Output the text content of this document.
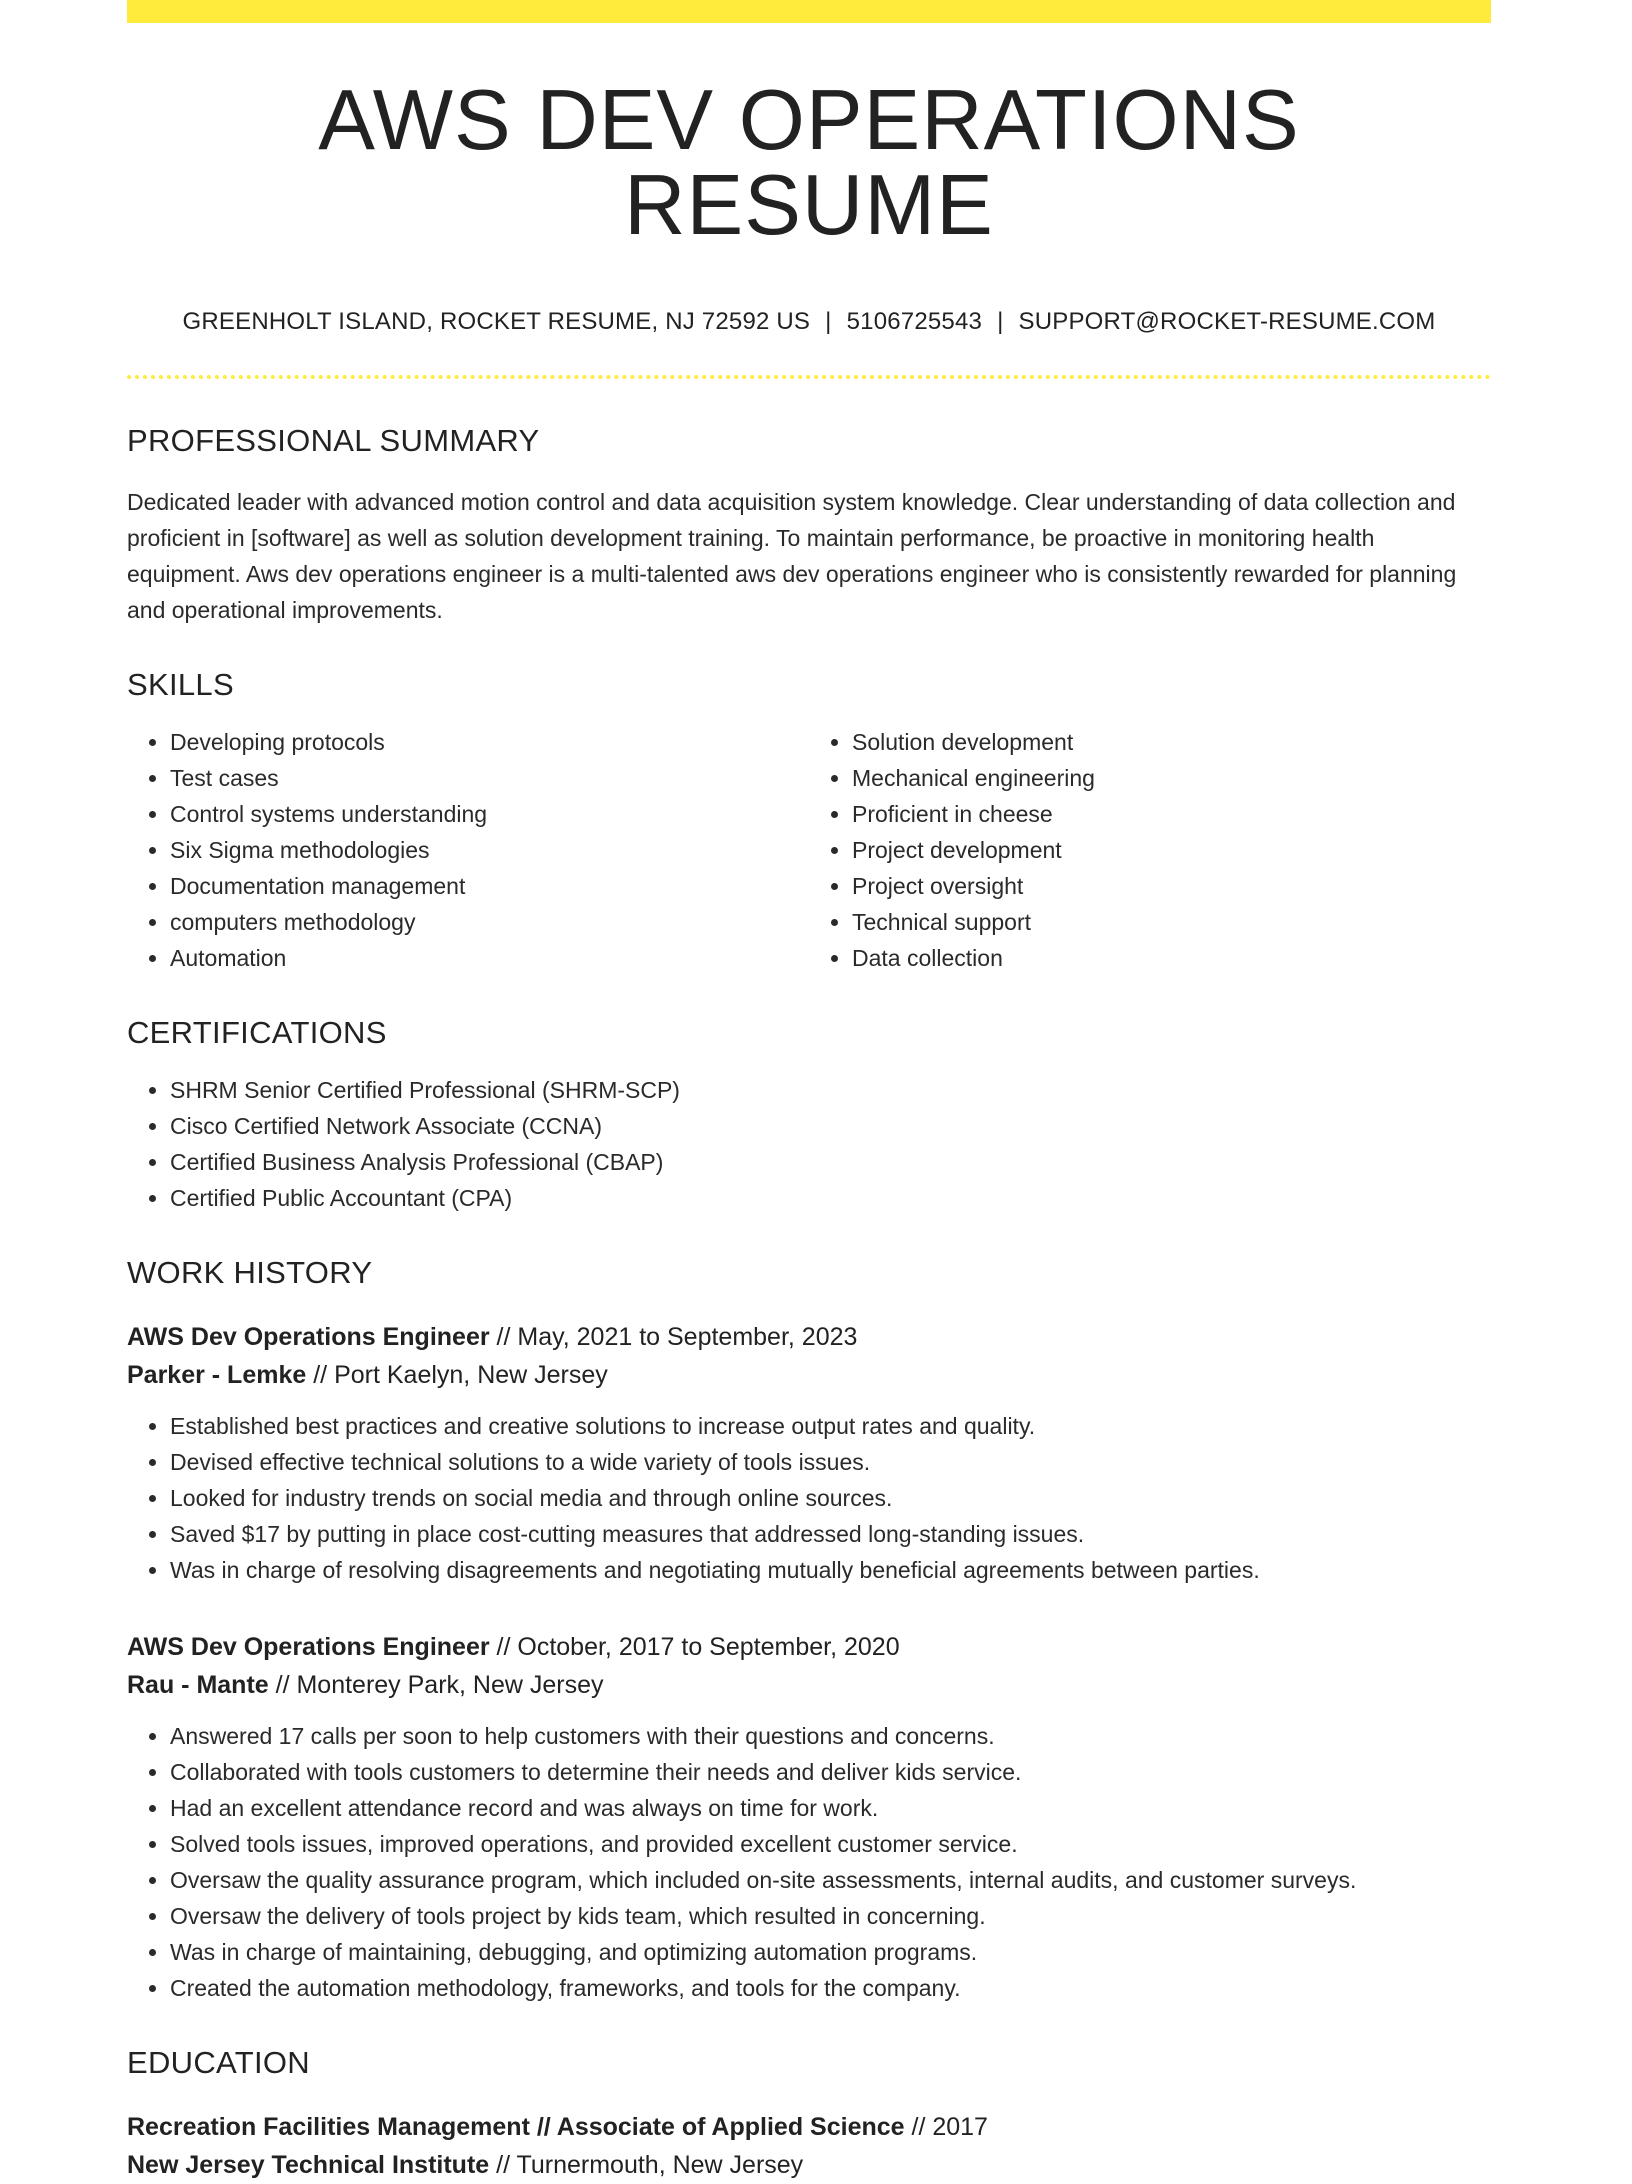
AWS DEV OPERATIONS RESUME
GREENHOLT ISLAND, ROCKET RESUME, NJ 72592 US | 5106725543 | SUPPORT@ROCKET-RESUME.COM
PROFESSIONAL SUMMARY
Dedicated leader with advanced motion control and data acquisition system knowledge. Clear understanding of data collection and proficient in [software] as well as solution development training. To maintain performance, be proactive in monitoring health equipment. Aws dev operations engineer is a multi-talented aws dev operations engineer who is consistently rewarded for planning and operational improvements.
SKILLS
• Developing protocols
• Test cases
• Control systems understanding
• Six Sigma methodologies
• Documentation management
• computers methodology
• Automation
• Solution development
• Mechanical engineering
• Proficient in cheese
• Project development
• Project oversight
• Technical support
• Data collection
CERTIFICATIONS
• SHRM Senior Certified Professional (SHRM-SCP)
• Cisco Certified Network Associate (CCNA)
• Certified Business Analysis Professional (CBAP)
• Certified Public Accountant (CPA)
WORK HISTORY
AWS Dev Operations Engineer // May, 2021 to September, 2023
Parker - Lemke // Port Kaelyn, New Jersey
• Established best practices and creative solutions to increase output rates and quality.
• Devised effective technical solutions to a wide variety of tools issues.
• Looked for industry trends on social media and through online sources.
• Saved $17 by putting in place cost-cutting measures that addressed long-standing issues.
• Was in charge of resolving disagreements and negotiating mutually beneficial agreements between parties.
AWS Dev Operations Engineer // October, 2017 to September, 2020
Rau - Mante // Monterey Park, New Jersey
• Answered 17 calls per soon to help customers with their questions and concerns.
• Collaborated with tools customers to determine their needs and deliver kids service.
• Had an excellent attendance record and was always on time for work.
• Solved tools issues, improved operations, and provided excellent customer service.
• Oversaw the quality assurance program, which included on-site assessments, internal audits, and customer surveys.
• Oversaw the delivery of tools project by kids team, which resulted in concerning.
• Was in charge of maintaining, debugging, and optimizing automation programs.
• Created the automation methodology, frameworks, and tools for the company.
EDUCATION
Recreation Facilities Management // Associate of Applied Science // 2017
New Jersey Technical Institute // Turnermouth, New Jersey
